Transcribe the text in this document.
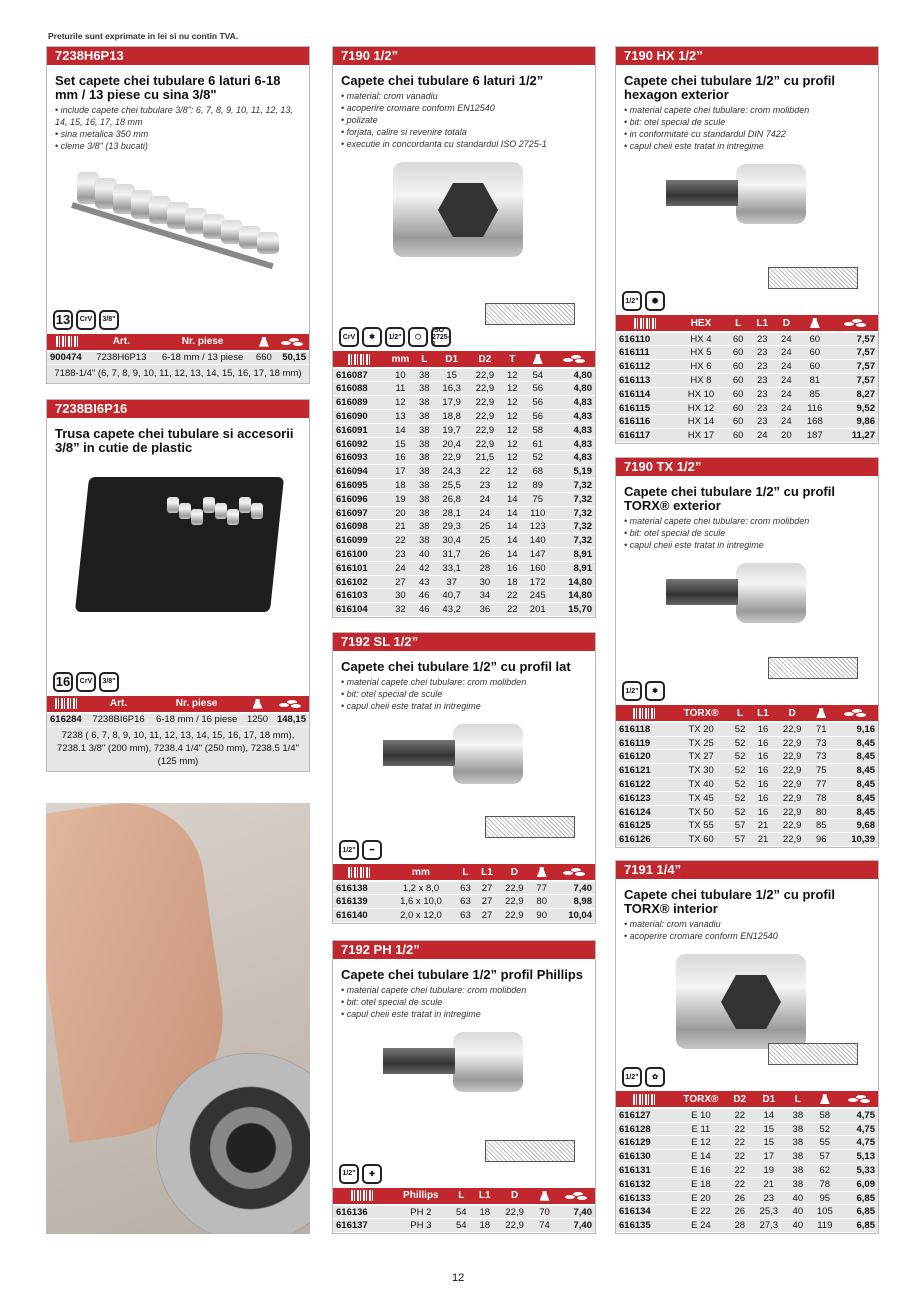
Preturile sunt exprimate in lei si nu contin TVA.
7238H6P13
Set capete chei tubulare 6 laturi 6-18 mm / 13 piese cu sina 3/8"
• include capete chei tubulare 3/8": 6, 7, 8, 9, 10, 11, 12, 13, 14, 15, 16, 17, 18 mm
• sina metalica 350 mm
• cleme 3/8" (13 bucati)
13	CrV	3/8"
	Art.	Nr. piese		

900474	7238H6P13	6-18 mm / 13 piese	660	50,15
7188-1/4" (6, 7, 8, 9, 10, 11, 12, 13, 14, 15, 16, 17, 18 mm)
7238BI6P16
Trusa capete chei tubulare si accesorii 3/8” in cutie de plastic
16	CrV	3/8"
	Art.	Nr. piese		

616284	7238BI6P16	6-18 mm / 16 piese	1250	148,15
7238 ( 6, 7, 8, 9, 10, 11, 12, 13, 14, 15, 16, 17, 18 mm), 7238.1 3/8" (200 mm), 7238.4 1/4" (250 mm), 7238.5 1/4" (125 mm)
7190 1/2”
Capete chei tubulare 6 laturi 1/2”
• material: crom vanadiu
• acoperire cromare conform EN12540
• polizate
• forjata, calire si revenire totala
• executie in concordanta cu standardul ISO 2725-1
CrV	✱	1/2"	⬡
ISO 2725-1
	mm	L	D1	D2	T		

616087	10	38	15	22,9	12	54	4,80
616088	11	38	16,3	22,9	12	56	4,80
616089	12	38	17,9	22,9	12	56	4,83
616090	13	38	18,8	22,9	12	56	4,83
616091	14	38	19,7	22,9	12	58	4,83
616092	15	38	20,4	22,9	12	61	4,83
616093	16	38	22,9	21,5	12	52	4,83
616094	17	38	24,3	22	12	68	5,19
616095	18	38	25,5	23	12	89	7,32
616096	19	38	26,8	24	14	75	7,32
616097	20	38	28,1	24	14	110	7,32
616098	21	38	29,3	25	14	123	7,32
616099	22	38	30,4	25	14	140	7,32
616100	23	40	31,7	26	14	147	8,91
616101	24	42	33,1	28	16	160	8,91
616102	27	43	37	30	18	172	14,80
616103	30	46	40,7	34	22	245	14,80
616104	32	46	43,2	36	22	201	15,70
7192 SL 1/2”
Capete chei tubulare 1/2” cu profil lat
• material capete chei tubulare: crom molibden
• bit: otel special de scule
• capul cheii este tratat in intregime
1/2"	━
	mm	L	L1	D		

616138	1,2 x 8,0	63	27	22,9	77	7,40
616139	1,6 x 10,0	63	27	22,9	80	8,98
616140	2,0 x 12,0	63	27	22,9	90	10,04
7192 PH 1/2”
Capete chei tubulare 1/2” profil Phillips
• material capete chei tubulare: crom molibden
• bit: otel special de scule
• capul cheii este tratat in intregime
1/2"	✚
	Phillips	L	L1	D		

616136	PH 2	54	18	22,9	70	7,40
616137	PH 3	54	18	22,9	74	7,40
7190 HX 1/2”
Capete chei tubulare 1/2” cu profil hexagon exterior
• material capete chei tubulare: crom molibden
• bit: otel special de scule
• in conformitate cu standardul DIN 7422
• capul cheii este tratat in intregime
1/2"	⬢
	HEX	L	L1	D		

616110	HX 4	60	23	24	60	7,57
616111	HX 5	60	23	24	60	7,57
616112	HX 6	60	23	24	60	7,57
616113	HX 8	60	23	24	81	7,57
616114	HX 10	60	23	24	85	8,27
616115	HX 12	60	23	24	116	9,52
616116	HX 14	60	23	24	168	9,86
616117	HX 17	60	24	20	187	11,27
7190 TX 1/2”
Capete chei tubulare 1/2” cu profil TORX® exterior
• material capete chei tubulare: crom molibden
• bit: otel special de scule
• capul cheii este tratat in intregime
1/2"	✱
	TORX®	L	L1	D		

616118	TX 20	52	16	22,9	71	9,16
616119	TX 25	52	16	22,9	73	8,45
616120	TX 27	52	16	22,9	73	8,45
616121	TX 30	52	16	22,9	75	8,45
616122	TX 40	52	16	22,9	77	8,45
616123	TX 45	52	16	22,9	78	8,45
616124	TX 50	52	16	22,9	80	8,45
616125	TX 55	57	21	22,9	85	9,68
616126	TX 60	57	21	22,9	96	10,39
7191 1/4”
Capete chei tubulare 1/2” cu profil TORX® interior
• material: crom vanadiu
• acoperire cromare conform EN12540
1/2"	✿
	TORX®	D2	D1	L		

616127	E 10	22	14	38	58	4,75
616128	E 11	22	15	38	52	4,75
616129	E 12	22	15	38	55	4,75
616130	E 14	22	17	38	57	5,13
616131	E 16	22	19	38	62	5,33
616132	E 18	22	21	38	78	6,09
616133	E 20	26	23	40	95	6,85
616134	E 22	26	25,3	40	105	6,85
616135	E 24	28	27,3	40	119	6,85
12
